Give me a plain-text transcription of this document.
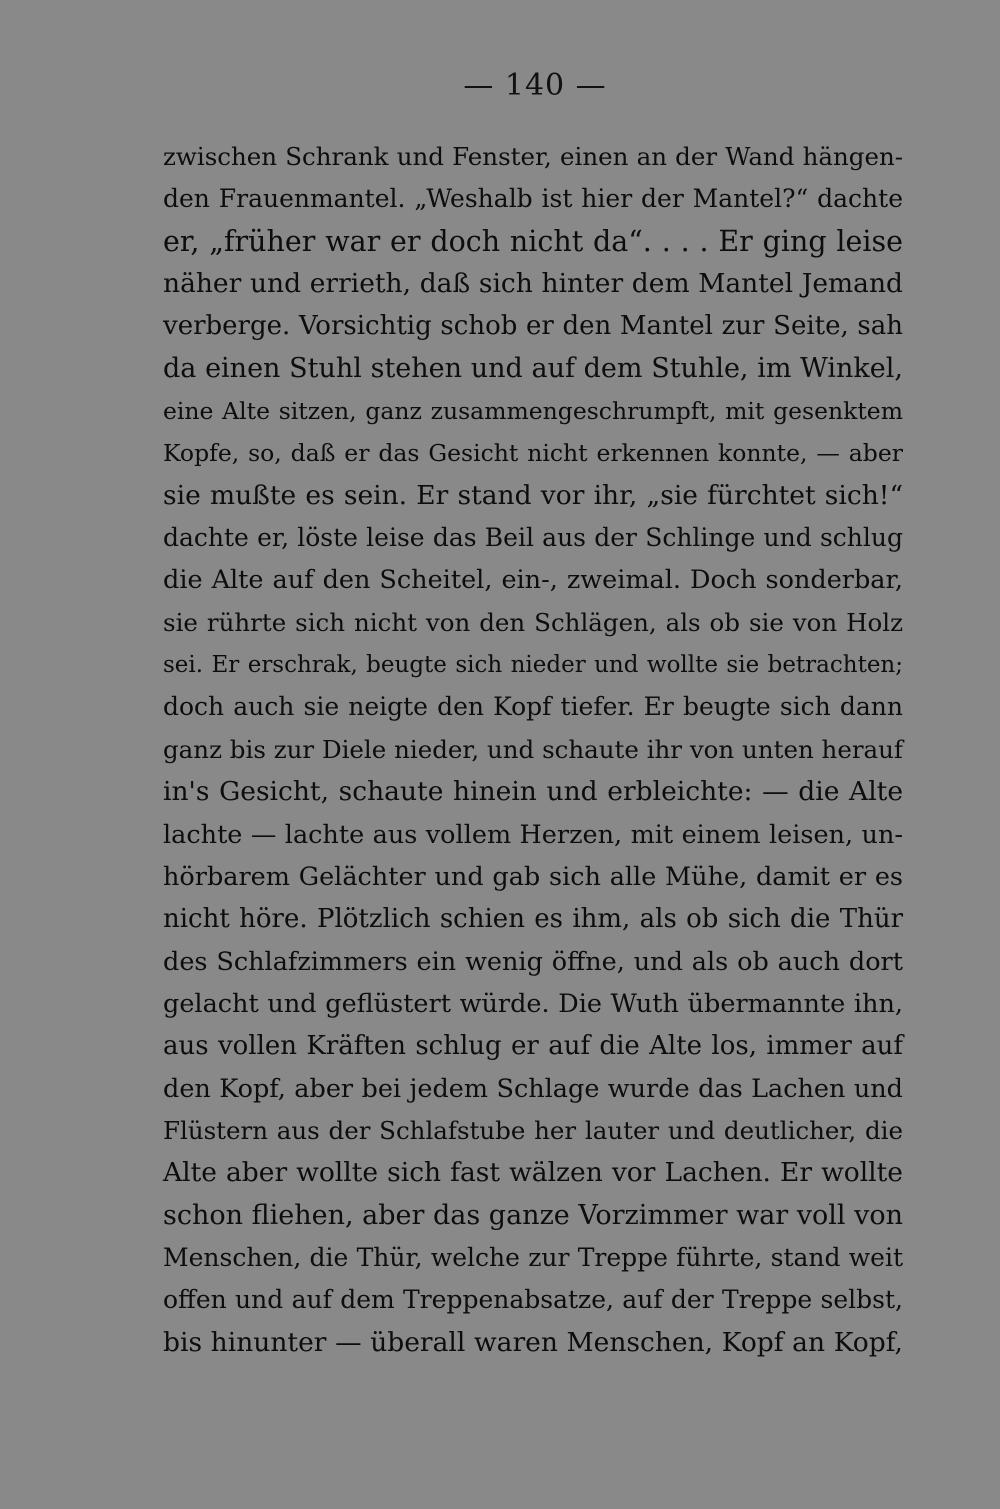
— 140 —
zwischen Schrank und Fenster, einen an der Wand hängen-
den Frauenmantel. „Weshalb ist hier der Mantel?“ dachte
er, „früher war er doch nicht da“. . . . Er ging leise
näher und errieth, daß sich hinter dem Mantel Jemand
verberge. Vorsichtig schob er den Mantel zur Seite, sah
da einen Stuhl stehen und auf dem Stuhle, im Winkel,
eine Alte sitzen, ganz zusammengeschrumpft, mit gesenktem
Kopfe, so, daß er das Gesicht nicht erkennen konnte, — aber
sie mußte es sein. Er stand vor ihr, „sie fürchtet sich!“
dachte er, löste leise das Beil aus der Schlinge und schlug
die Alte auf den Scheitel, ein-, zweimal. Doch sonderbar,
sie rührte sich nicht von den Schlägen, als ob sie von Holz
sei. Er erschrak, beugte sich nieder und wollte sie betrachten;
doch auch sie neigte den Kopf tiefer. Er beugte sich dann
ganz bis zur Diele nieder, und schaute ihr von unten herauf
in's Gesicht, schaute hinein und erbleichte: — die Alte
lachte — lachte aus vollem Herzen, mit einem leisen, un-
hörbarem Gelächter und gab sich alle Mühe, damit er es
nicht höre. Plötzlich schien es ihm, als ob sich die Thür
des Schlafzimmers ein wenig öffne, und als ob auch dort
gelacht und geflüstert würde. Die Wuth übermannte ihn,
aus vollen Kräften schlug er auf die Alte los, immer auf
den Kopf, aber bei jedem Schlage wurde das Lachen und
Flüstern aus der Schlafstube her lauter und deutlicher, die
Alte aber wollte sich fast wälzen vor Lachen. Er wollte
schon fliehen, aber das ganze Vorzimmer war voll von
Menschen, die Thür, welche zur Treppe führte, stand weit
offen und auf dem Treppenabsatze, auf der Treppe selbst,
bis hinunter — überall waren Menschen, Kopf an Kopf,
